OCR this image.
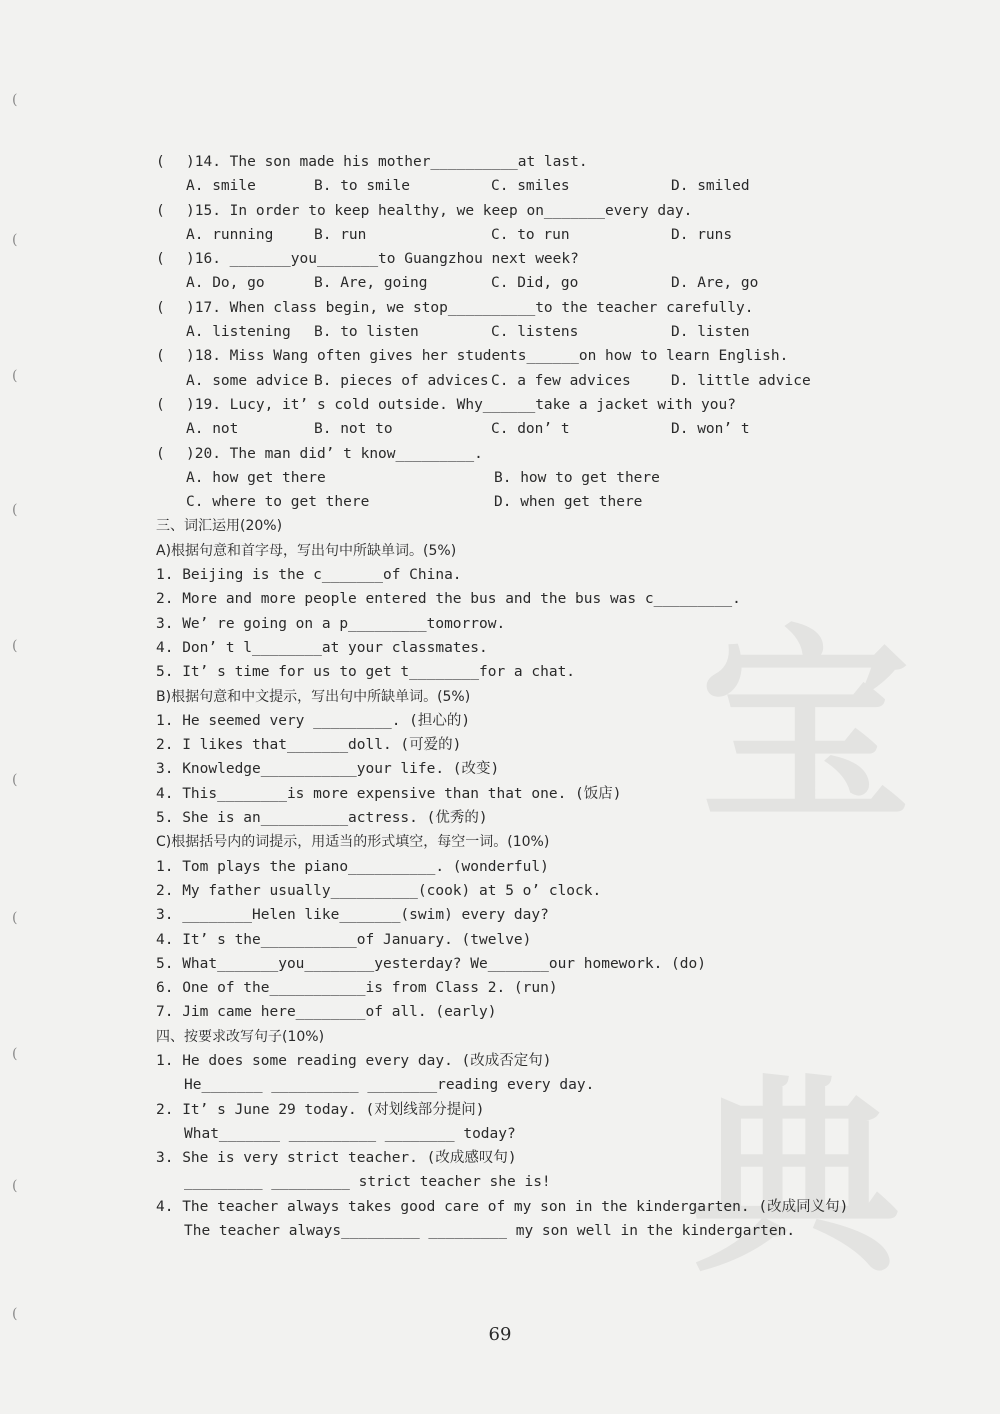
(
(
(
(
(
(
(
(
(
(
宝
典
( )14. The son made his mother__________at last.
A. smile	B. to smile	C. smiles	D. smiled
( )15. In order to keep healthy, we keep on_______every day.
A. running	B. run	C. to run	D. runs
( )16. _______you_______to Guangzhou next week?
A. Do, go	B. Are, going	C. Did, go	D. Are, go
( )17. When class begin, we stop__________to the teacher carefully.
A. listening B. to listen	C. listens	D. listen
( )18. Miss Wang often gives her students______on how to learn English.
A. some advice B. pieces of advices C. a few advices	D. little advice
( )19. Lucy, it’ s cold outside. Why______take a jacket with you?
A. not	B. not to	C. don’ t	D. won’ t
( )20. The man did’ t know_________.
A. how get there	B. how to get there
C. where to get there	D. when get there
三、词汇运用(20%)
A)根据句意和首字母，写出句中所缺单词。(5%)
1. Beijing is the c_______of China.
2. More and more people entered the bus and the bus was c_________.
3. We’ re going on a p_________tomorrow.
4. Don’ t l________at your classmates.
5. It’ s time for us to get t________for a chat.
B)根据句意和中文提示，写出句中所缺单词。(5%)
1. He seemed very _________. (担心的)
2. I likes that_______doll. (可爱的)
3. Knowledge___________your life. (改变)
4. This________is more expensive than that one. (饭店)
5. She is an__________actress. (优秀的)
C)根据括号内的词提示，用适当的形式填空，每空一词。(10%)
1. Tom plays the piano__________. (wonderful)
2. My father usually__________(cook) at 5 o’ clock.
3. ________Helen like_______(swim) every day?
4. It’ s the___________of January. (twelve)
5. What_______you________yesterday? We_______our homework. (do)
6. One of the___________is from Class 2. (run)
7. Jim came here________of all. (early)
四、按要求改写句子(10%)
1. He does some reading every day. (改成否定句)
He_______ __________ ________reading every day.
2. It’ s June 29 today. (对划线部分提问)
What_______ __________ ________ today?
3. She is very strict teacher. (改成感叹句)
_________ _________ strict teacher she is!
4. The teacher always takes good care of my son in the kindergarten. (改成同义句)
The teacher always_________ _________ my son well in the kindergarten.
69
